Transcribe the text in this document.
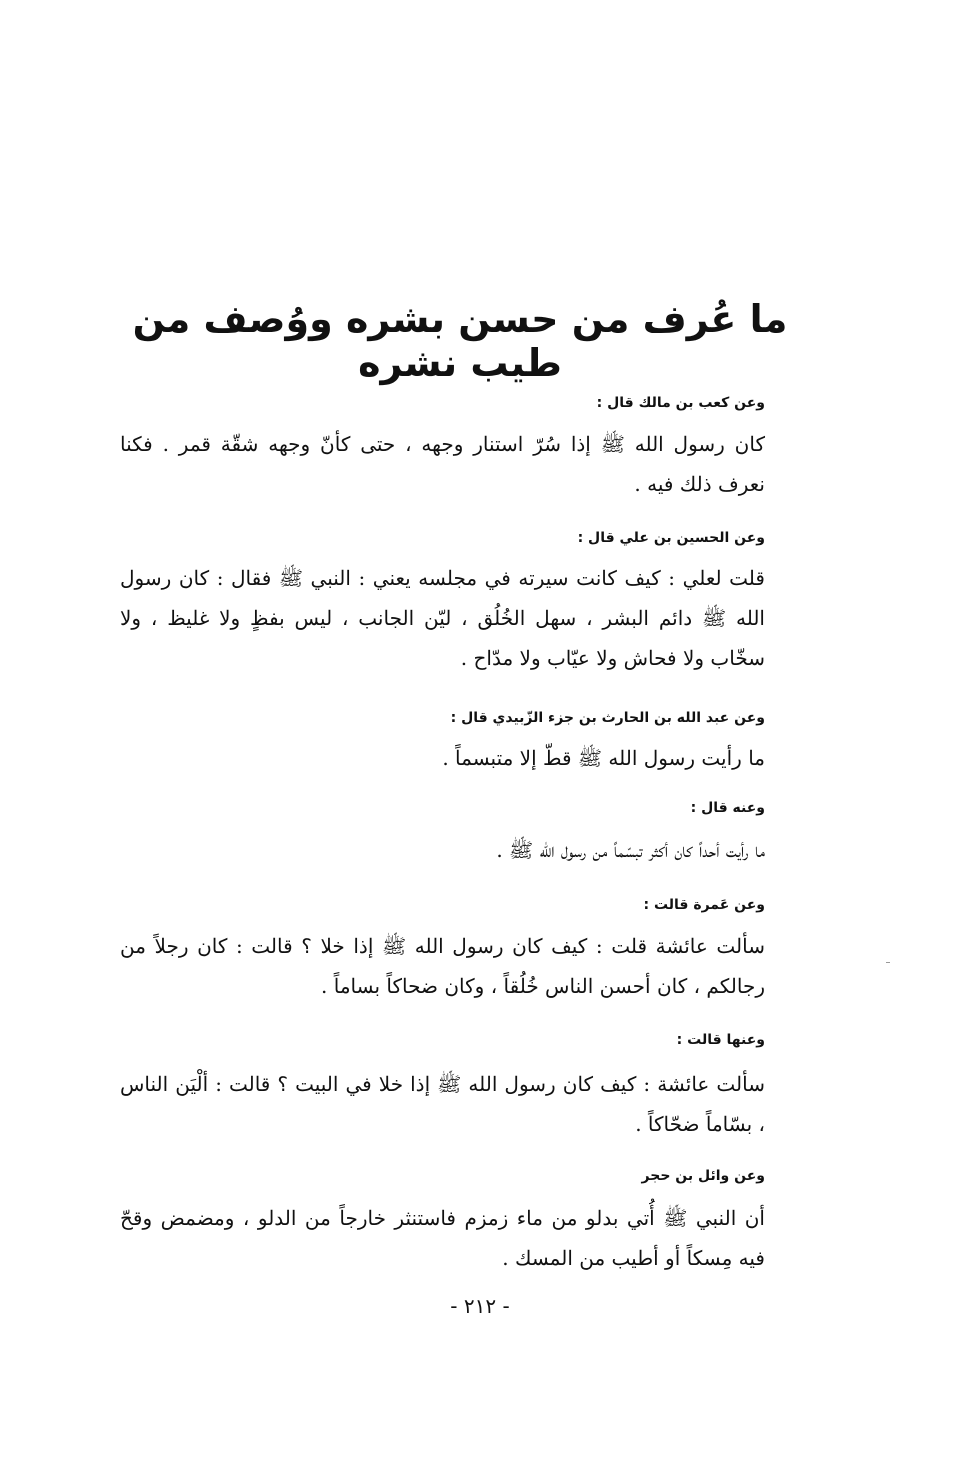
ما عُرف من حسن بشره ووُصف من طيب نشره
وعن كعب بن مالك قال :
كان رسول الله ﷺ إذا سُرّ استنار وجهه ، حتى كأنّ وجهه شقّة قمر . فكنا نعرف ذلك فيه .
وعن الحسين بن علي قال :
قلت لعلي : كيف كانت سيرته في مجلسه يعني : النبي ﷺ فقال : كان رسول الله ﷺ دائم البشر ، سهل الخُلُق ، ليّن الجانب ، ليس بفظٍ ولا غليظ ، ولا سخّاب ولا فحاش ولا عيّاب ولا مدّاح .
وعن عبد الله بن الحارث بن جزء الزّبيدي قال :
ما رأيت رسول الله ﷺ قطّ إلا متبسماً .
وعنه قال :
ما رأيت أحداً كان أكثر تبسّماً من رسول الله ﷺ .
وعن عَمرة قالت :
سألت عائشة قلت : كيف كان رسول الله ﷺ إذا خلا ؟ قالت : كان رجلاً من رجالكم ، كان أحسن الناس خُلُقاً ، وكان ضحاكاً بساماً .
وعنها قالت :
سألت عائشة : كيف كان رسول الله ﷺ إذا خلا في البيت ؟ قالت : ألْيَن الناس ، بسّاماً ضحّاكاً .
وعن وائل بن حجر
أن النبي ﷺ أُتي بدلو من ماء زمزم فاستنثر خارجاً من الدلو ، ومضمض وقحّ فيه مِسكاً أو أطيب من المسك .
- ٢١٢ -
